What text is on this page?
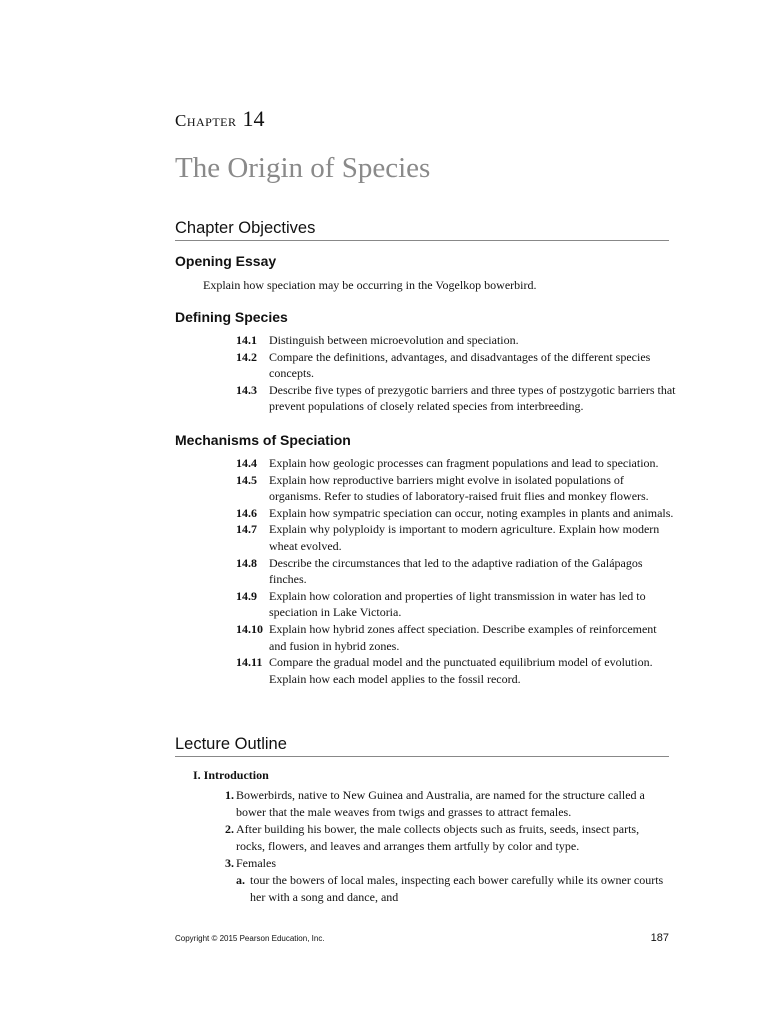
Chapter 14
The Origin of Species
Chapter Objectives
Opening Essay
Explain how speciation may be occurring in the Vogelkop bowerbird.
Defining Species
14.1	Distinguish between microevolution and speciation.
14.2	Compare the definitions, advantages, and disadvantages of the different species concepts.
14.3	Describe five types of prezygotic barriers and three types of postzygotic barriers that prevent populations of closely related species from interbreeding.
Mechanisms of Speciation
14.4	Explain how geologic processes can fragment populations and lead to speciation.
14.5	Explain how reproductive barriers might evolve in isolated populations of organisms. Refer to studies of laboratory-raised fruit flies and monkey flowers.
14.6	Explain how sympatric speciation can occur, noting examples in plants and animals.
14.7	Explain why polyploidy is important to modern agriculture. Explain how modern wheat evolved.
14.8	Describe the circumstances that led to the adaptive radiation of the Galápagos finches.
14.9	Explain how coloration and properties of light transmission in water has led to speciation in Lake Victoria.
14.10 Explain how hybrid zones affect speciation. Describe examples of reinforcement and fusion in hybrid zones.
14.11 Compare the gradual model and the punctuated equilibrium model of evolution. Explain how each model applies to the fossil record.
Lecture Outline
I. Introduction
1. Bowerbirds, native to New Guinea and Australia, are named for the structure called a bower that the male weaves from twigs and grasses to attract females.
2. After building his bower, the male collects objects such as fruits, seeds, insect parts, rocks, flowers, and leaves and arranges them artfully by color and type.
3. Females
a. tour the bowers of local males, inspecting each bower carefully while its owner courts her with a song and dance, and
Copyright © 2015 Pearson Education, Inc.	187
